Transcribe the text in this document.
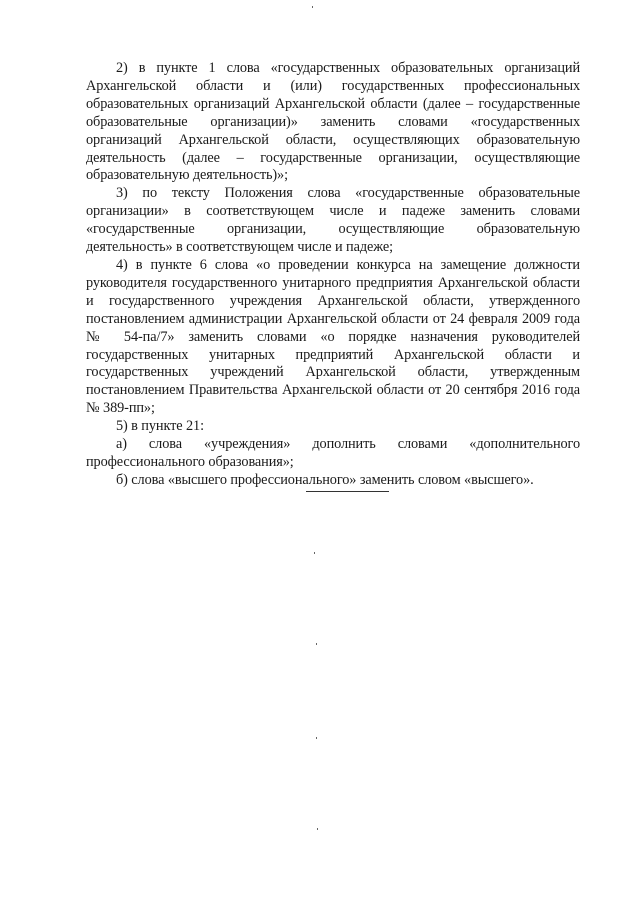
2) в пункте 1 слова «государственных образовательных организаций Архангельской области и (или) государственных профессиональных образовательных организаций Архангельской области (далее – государственные образовательные организации)» заменить словами «государственных организаций Архангельской области, осуществляющих образовательную деятельность (далее – государственные организации, осуществляющие образовательную деятельность)»;

3) по тексту Положения слова «государственные образовательные организации» в соответствующем числе и падеже заменить словами «государственные организации, осуществляющие образовательную деятельность» в соответствующем числе и падеже;

4) в пункте 6 слова «о проведении конкурса на замещение должности руководителя государственного унитарного предприятия Архангельской области и государственного учреждения Архангельской области, утвержденного постановлением администрации Архангельской области от 24 февраля 2009 года № 54-па/7» заменить словами «о порядке назначения руководителей государственных унитарных предприятий Архангельской области и государственных учреждений Архангельской области, утвержденным постановлением Правительства Архангельской области от 20 сентября 2016 года № 389-пп»;

5) в пункте 21:

а) слова «учреждения» дополнить словами «дополнительного профессионального образования»;

б) слова «высшего профессионального» заменить словом «высшего».
